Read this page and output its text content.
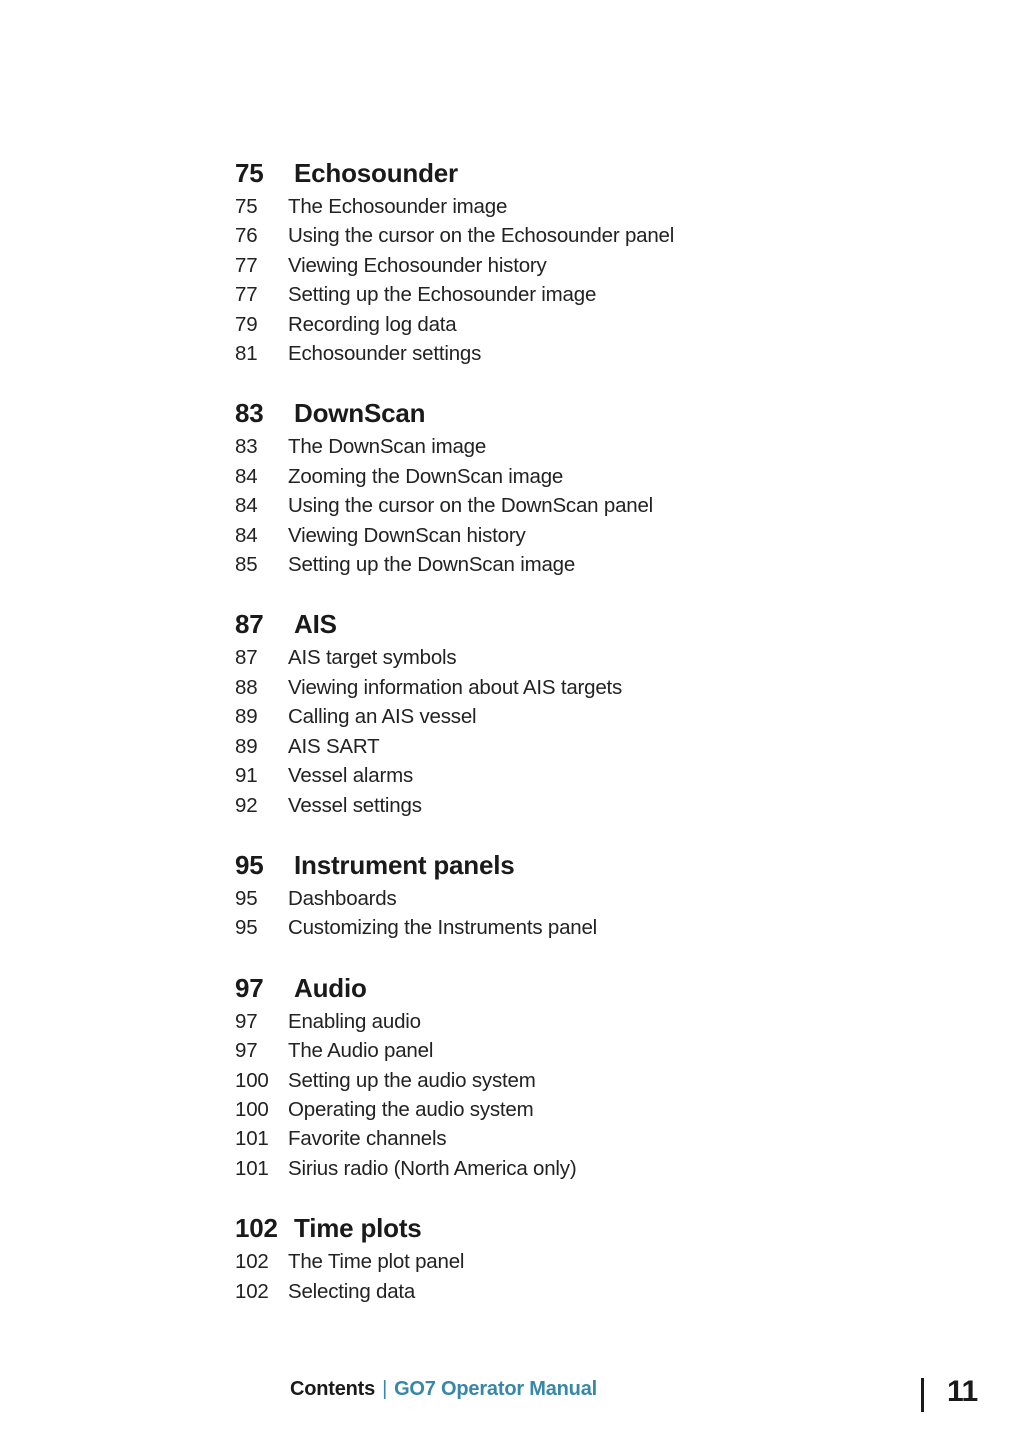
75	Echosounder
75	The Echosounder image
76	Using the cursor on the Echosounder panel
77	Viewing Echosounder history
77	Setting up the Echosounder image
79	Recording log data
81	Echosounder settings
83	DownScan
83	The DownScan image
84	Zooming the DownScan image
84	Using the cursor on the DownScan panel
84	Viewing DownScan history
85	Setting up the DownScan image
87	AIS
87	AIS target symbols
88	Viewing information about AIS targets
89	Calling an AIS vessel
89	AIS SART
91	Vessel alarms
92	Vessel settings
95	Instrument panels
95	Dashboards
95	Customizing the Instruments panel
97	Audio
97	Enabling audio
97	The Audio panel
100 Setting up the audio system
100 Operating the audio system
101 Favorite channels
101 Sirius radio (North America only)
102 Time plots
102 The Time plot panel
102 Selecting data
Contents | GO7 Operator Manual	11
